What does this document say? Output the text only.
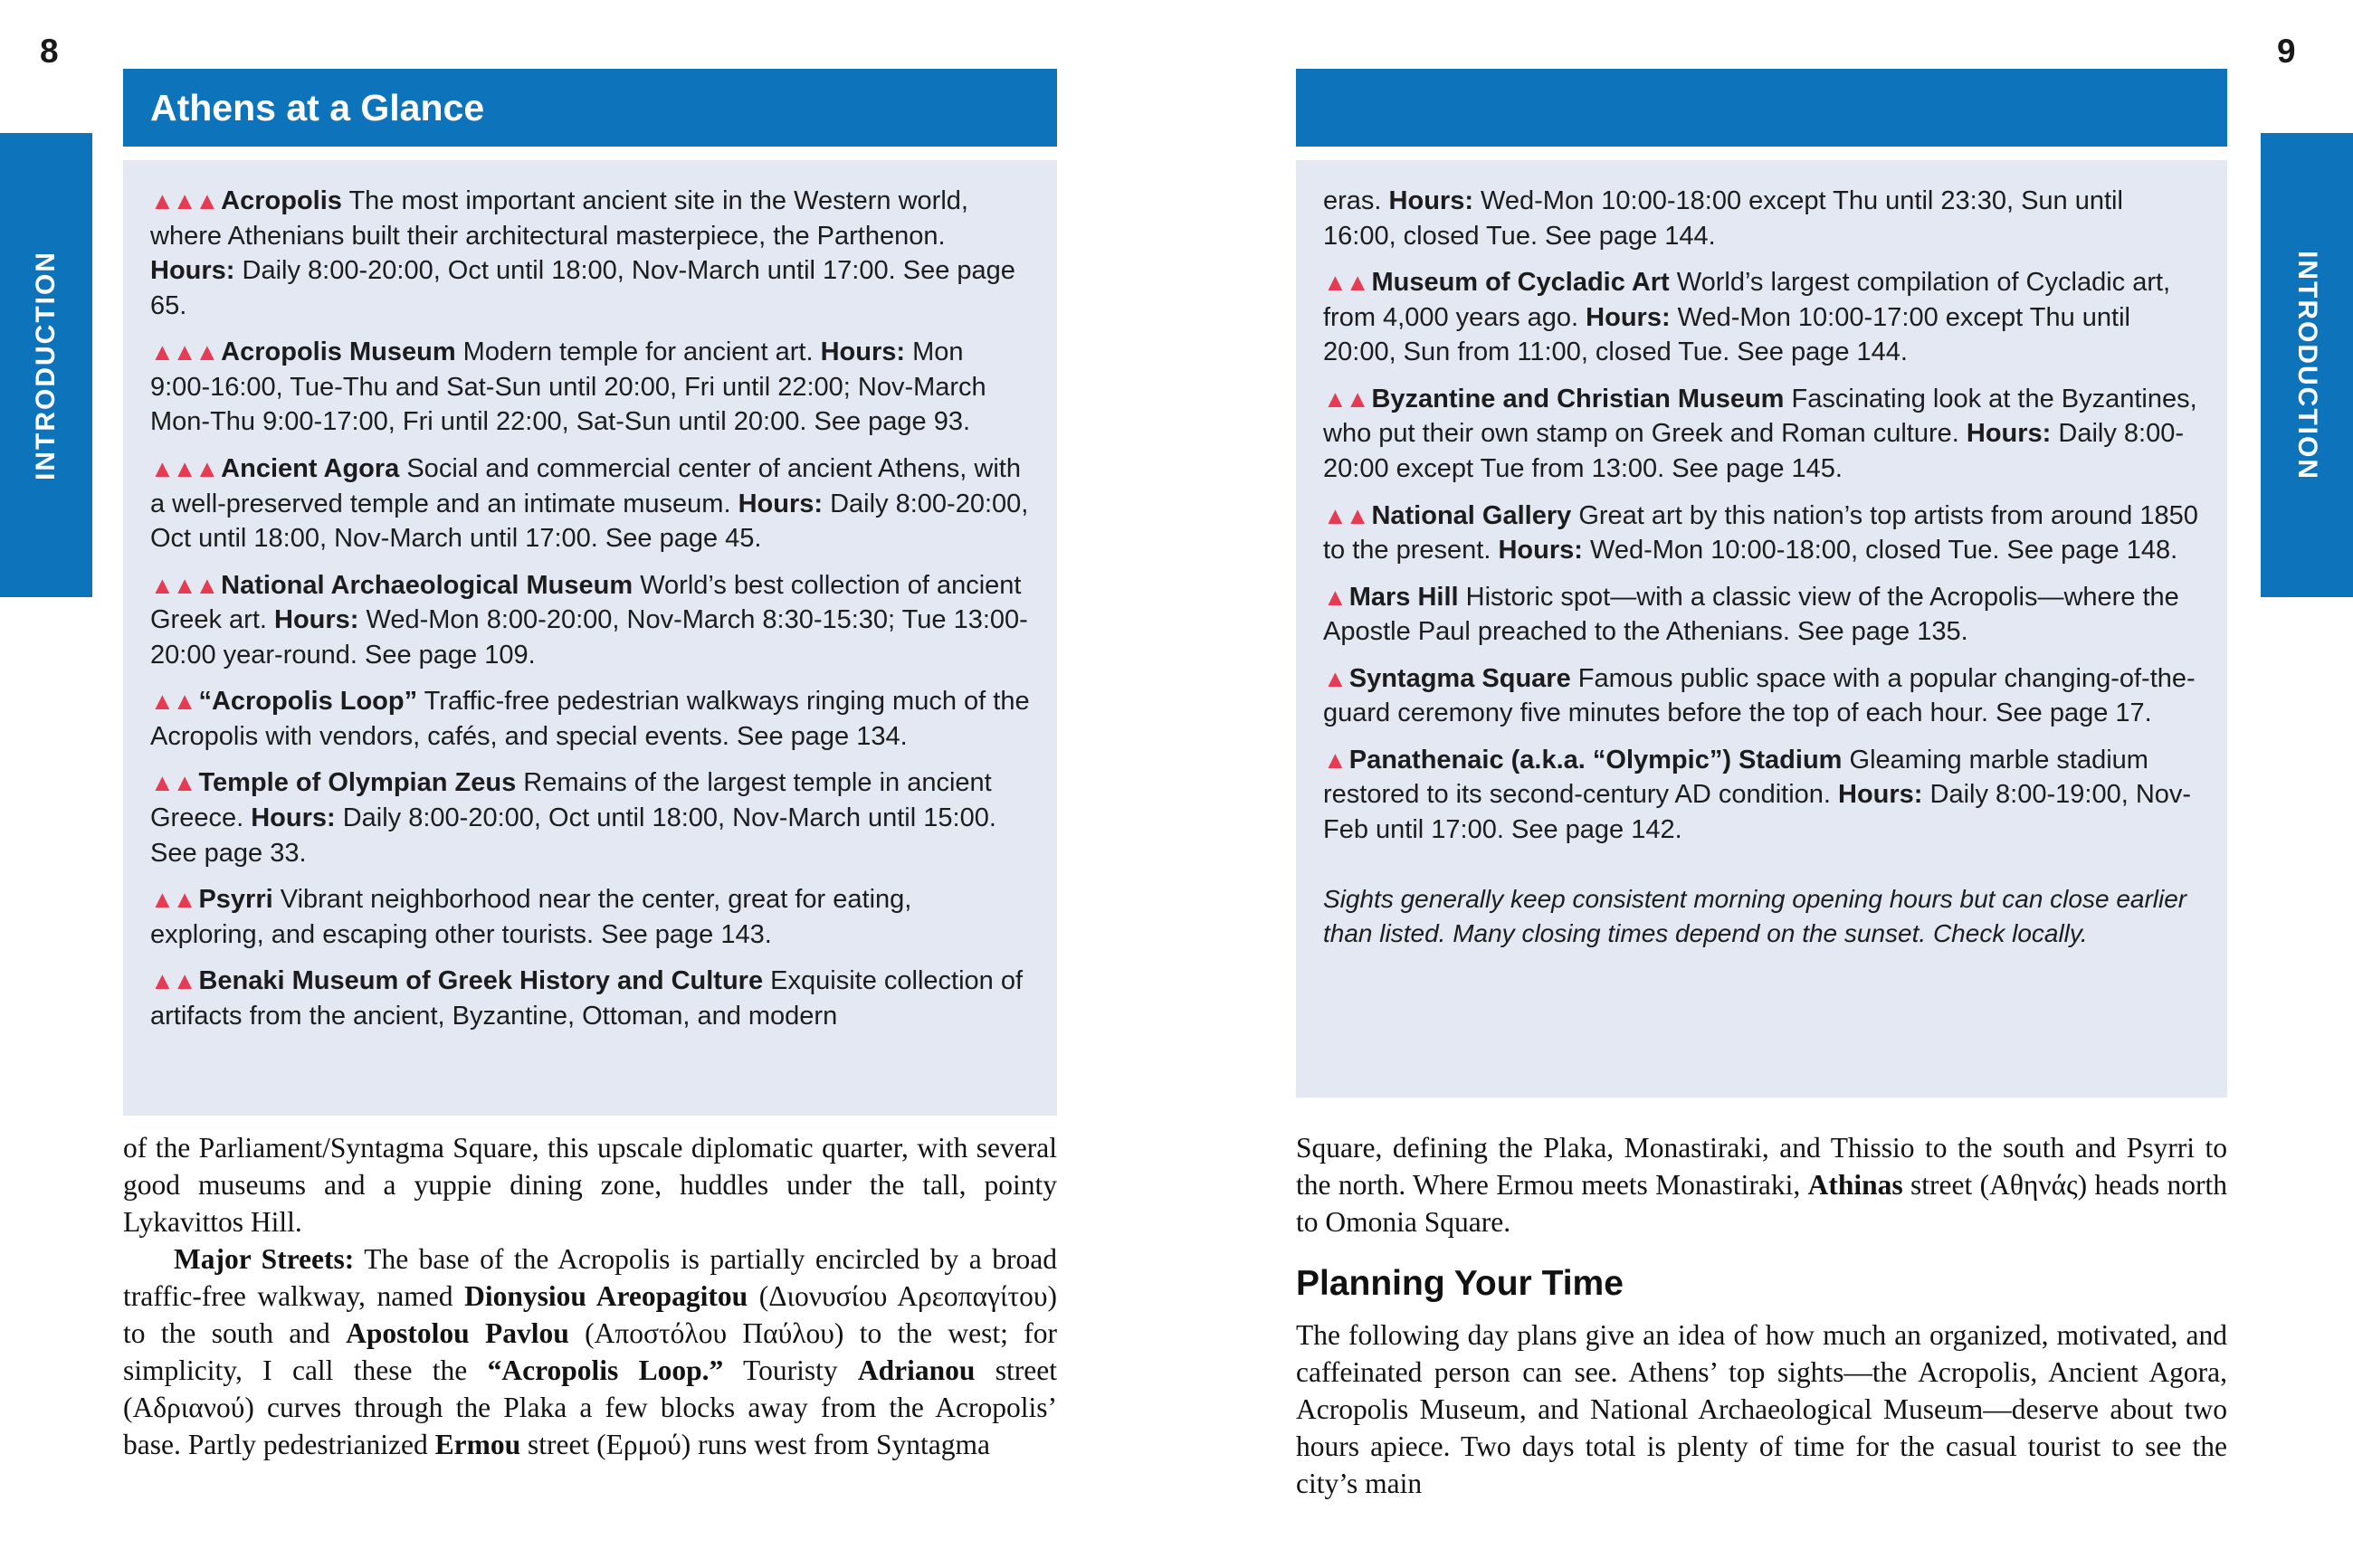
8	9
INTRODUCTION	INTRODUCTION
Athens at a Glance
▲▲▲ Acropolis The most important ancient site in the Western world, where Athenians built their architectural masterpiece, the Parthenon. Hours: Daily 8:00-20:00, Oct until 18:00, Nov-March until 17:00. See page 65.
▲▲▲ Acropolis Museum Modern temple for ancient art. Hours: Mon 9:00-16:00, Tue-Thu and Sat-Sun until 20:00, Fri until 22:00; Nov-March Mon-Thu 9:00-17:00, Fri until 22:00, Sat-Sun until 20:00. See page 93.
▲▲▲ Ancient Agora Social and commercial center of ancient Athens, with a well-preserved temple and an intimate museum. Hours: Daily 8:00-20:00, Oct until 18:00, Nov-March until 17:00. See page 45.
▲▲▲ National Archaeological Museum World’s best collection of ancient Greek art. Hours: Wed-Mon 8:00-20:00, Nov-March 8:30-15:30; Tue 13:00-20:00 year-round. See page 109.
▲▲ “Acropolis Loop” Traffic-free pedestrian walkways ringing much of the Acropolis with vendors, cafés, and special events. See page 134.
▲▲ Temple of Olympian Zeus Remains of the largest temple in ancient Greece. Hours: Daily 8:00-20:00, Oct until 18:00, Nov-March until 15:00. See page 33.
▲▲ Psyrri Vibrant neighborhood near the center, great for eating, exploring, and escaping other tourists. See page 143.
▲▲ Benaki Museum of Greek History and Culture Exquisite collection of artifacts from the ancient, Byzantine, Ottoman, and modern
eras. Hours: Wed-Mon 10:00-18:00 except Thu until 23:30, Sun until 16:00, closed Tue. See page 144.
▲▲ Museum of Cycladic Art World’s largest compilation of Cycladic art, from 4,000 years ago. Hours: Wed-Mon 10:00-17:00 except Thu until 20:00, Sun from 11:00, closed Tue. See page 144.
▲▲ Byzantine and Christian Museum Fascinating look at the Byzantines, who put their own stamp on Greek and Roman culture. Hours: Daily 8:00-20:00 except Tue from 13:00. See page 145.
▲▲ National Gallery Great art by this nation’s top artists from around 1850 to the present. Hours: Wed-Mon 10:00-18:00, closed Tue. See page 148.
▲ Mars Hill Historic spot—with a classic view of the Acropolis—where the Apostle Paul preached to the Athenians. See page 135.
▲ Syntagma Square Famous public space with a popular changing-of-the-guard ceremony five minutes before the top of each hour. See page 17.
▲ Panathenaic (a.k.a. “Olympic”) Stadium Gleaming marble stadium restored to its second-century AD condition. Hours: Daily 8:00-19:00, Nov-Feb until 17:00. See page 142.
Sights generally keep consistent morning opening hours but can close earlier than listed. Many closing times depend on the sunset. Check locally.

of the Parliament/Syntagma Square, this upscale diplomatic quarter, with several good museums and a yuppie dining zone, huddles under the tall, pointy Lykavittos Hill.

Major Streets: The base of the Acropolis is partially encircled by a broad traffic-free walkway, named Dionysiou Areopagitou (Διονυσίου Αρεοπαγίτου) to the south and Apostolou Pavlou (Αποστόλου Παύλου) to the west; for simplicity, I call these the “Acropolis Loop.” Touristy Adrianou street (Αδριανού) curves through the Plaka a few blocks away from the Acropolis’ base. Partly pedestrianized Ermou street (Ερμού) runs west from Syntagma

Square, defining the Plaka, Monastiraki, and Thissio to the south and Psyrri to the north. Where Ermou meets Monastiraki, Athinas street (Αθηνάς) heads north to Omonia Square.

Planning Your Time

The following day plans give an idea of how much an organized, motivated, and caffeinated person can see. Athens’ top sights—the Acropolis, Ancient Agora, Acropolis Museum, and National Archaeological Museum—deserve about two hours apiece. Two days total is plenty of time for the casual tourist to see the city’s main
